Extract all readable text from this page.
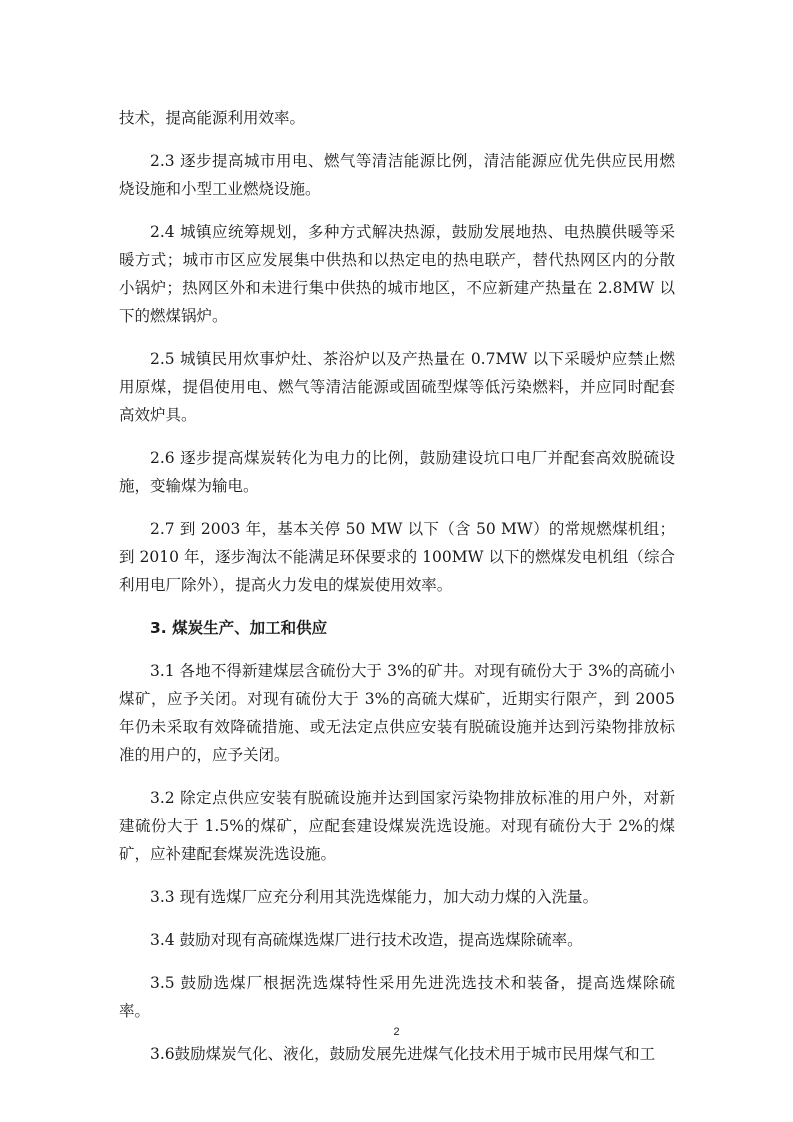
技术，提高能源利用效率。

2.3 逐步提高城市用电、燃气等清洁能源比例，清洁能源应优先供应民用燃烧设施和小型工业燃烧设施。

2.4 城镇应统筹规划，多种方式解决热源，鼓励发展地热、电热膜供暖等采暖方式；城市市区应发展集中供热和以热定电的热电联产，替代热网区内的分散小锅炉；热网区外和未进行集中供热的城市地区，不应新建产热量在 2.8MW 以下的燃煤锅炉。

2.5 城镇民用炊事炉灶、茶浴炉以及产热量在 0.7MW 以下采暖炉应禁止燃用原煤，提倡使用电、燃气等清洁能源或固硫型煤等低污染燃料，并应同时配套高效炉具。

2.6 逐步提高煤炭转化为电力的比例，鼓励建设坑口电厂并配套高效脱硫设施，变输煤为输电。

2.7 到 2003 年，基本关停 50 MW 以下（含 50 MW）的常规燃煤机组；到 2010 年，逐步淘汰不能满足环保要求的 100MW 以下的燃煤发电机组（综合利用电厂除外），提高火力发电的煤炭使用效率。

3. 煤炭生产、加工和供应

3.1 各地不得新建煤层含硫份大于 3%的矿井。对现有硫份大于 3%的高硫小煤矿，应予关闭。对现有硫份大于 3%的高硫大煤矿，近期实行限产，到 2005 年仍未采取有效降硫措施、或无法定点供应安装有脱硫设施并达到污染物排放标准的用户的，应予关闭。

3.2 除定点供应安装有脱硫设施并达到国家污染物排放标准的用户外，对新建硫份大于 1.5%的煤矿，应配套建设煤炭洗选设施。对现有硫份大于 2%的煤矿，应补建配套煤炭洗选设施。

3.3 现有选煤厂应充分利用其洗选煤能力，加大动力煤的入洗量。

3.4 鼓励对现有高硫煤选煤厂进行技术改造，提高选煤除硫率。

3.5 鼓励选煤厂根据洗选煤特性采用先进洗选技术和装备，提高选煤除硫率。

3.6鼓励煤炭气化、液化，鼓励发展先进煤气化技术用于城市民用煤气和工

2
